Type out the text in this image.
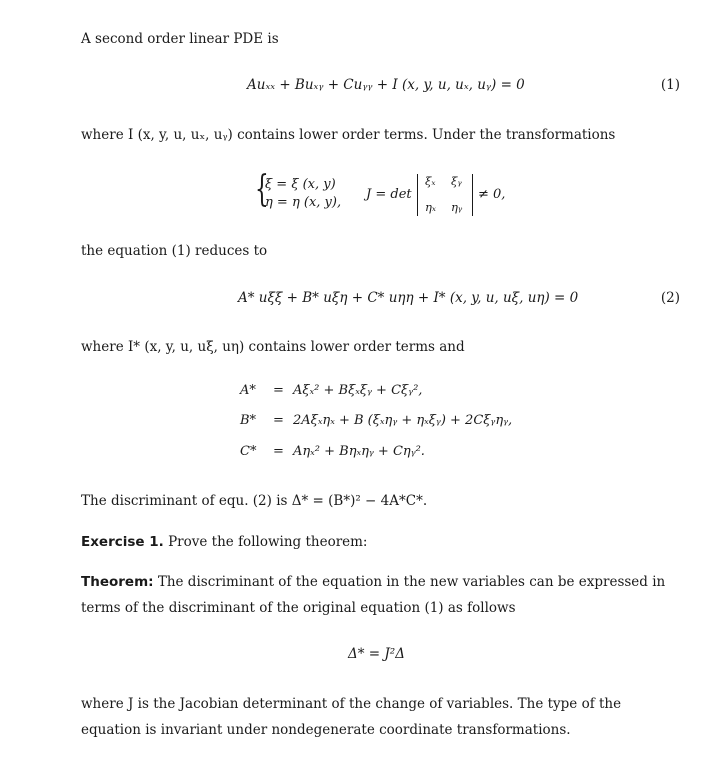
A second order linear PDE is
Auₓₓ + Buₓᵧ + Cuᵧᵧ + I (x, y, u, uₓ, uᵧ) = 0	(1)
where I (x, y, u, uₓ, uᵧ) contains lower order terms. Under the transformations
{
ξ = ξ (x, y)
η = η (x, y),
J = det
ξₓ ξᵧ
ηₓ ηᵧ
≠ 0,
the equation (1) reduces to
A* uξξ + B* uξη + C* uηη + I* (x, y, u, uξ, uη) = 0	(2)
where I* (x, y, u, uξ, uη) contains lower order terms and
A*	= Aξₓ² + Bξₓξᵧ + Cξᵧ²,
B*	= 2Aξₓηₓ + B (ξₓηᵧ + ηₓξᵧ) + 2Cξᵧηᵧ,
C*	= Aηₓ² + Bηₓηᵧ + Cηᵧ².
The discriminant of equ. (2) is Δ* = (B*)² − 4A*C*.
Exercise 1. Prove the following theorem:
Theorem: The discriminant of the equation in the new variables can be expressed in terms of the discriminant of the original equation (1) as follows
Δ* = J²Δ
where J is the Jacobian determinant of the change of variables. The type of the equation is invariant under nondegenerate coordinate transformations.
